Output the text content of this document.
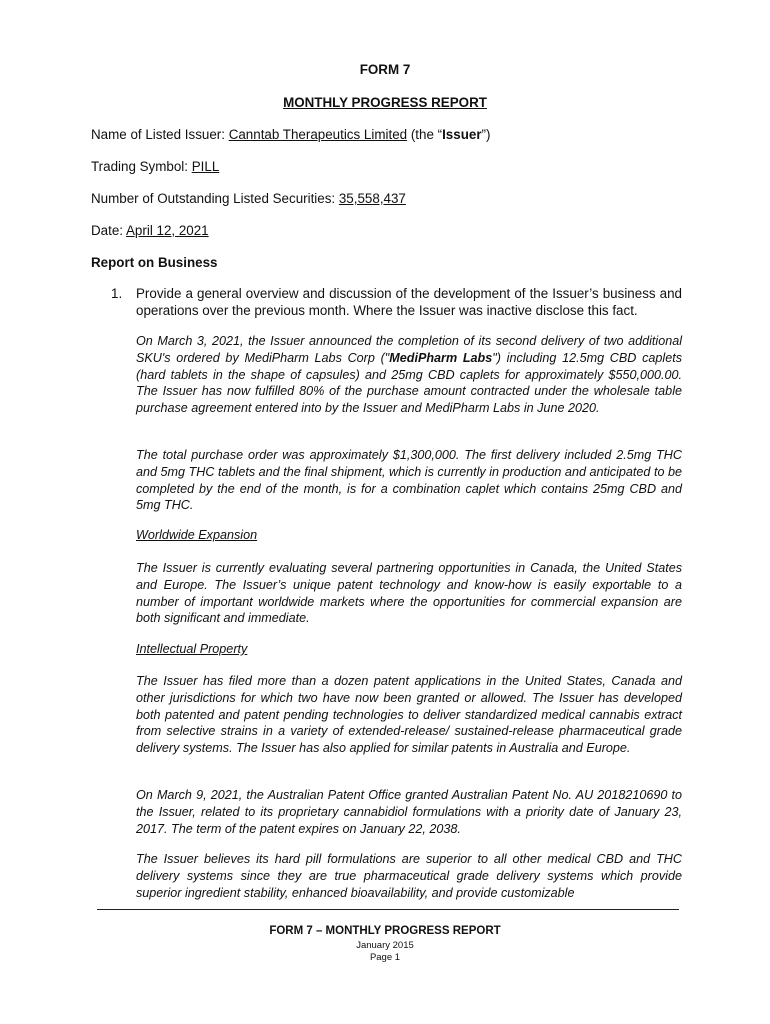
FORM 7
MONTHLY PROGRESS REPORT
Name of Listed Issuer: Canntab Therapeutics Limited (the “Issuer”)
Trading Symbol: PILL
Number of Outstanding Listed Securities: 35,558,437
Date: April 12, 2021
Report on Business
1. Provide a general overview and discussion of the development of the Issuer’s business and operations over the previous month. Where the Issuer was inactive disclose this fact.
On March 3, 2021, the Issuer announced the completion of its second delivery of two additional SKU's ordered by MediPharm Labs Corp ("MediPharm Labs") including 12.5mg CBD caplets (hard tablets in the shape of capsules) and 25mg CBD caplets for approximately $550,000.00. The Issuer has now fulfilled 80% of the purchase amount contracted under the wholesale table purchase agreement entered into by the Issuer and MediPharm Labs in June 2020.
The total purchase order was approximately $1,300,000. The first delivery included 2.5mg THC and 5mg THC tablets and the final shipment, which is currently in production and anticipated to be completed by the end of the month, is for a combination caplet which contains 25mg CBD and 5mg THC.
Worldwide Expansion
The Issuer is currently evaluating several partnering opportunities in Canada, the United States and Europe. The Issuer’s unique patent technology and know-how is easily exportable to a number of important worldwide markets where the opportunities for commercial expansion are both significant and immediate.
Intellectual Property
The Issuer has filed more than a dozen patent applications in the United States, Canada and other jurisdictions for which two have now been granted or allowed. The Issuer has developed both patented and patent pending technologies to deliver standardized medical cannabis extract from selective strains in a variety of extended-release/ sustained-release pharmaceutical grade delivery systems. The Issuer has also applied for similar patents in Australia and Europe.
On March 9, 2021, the Australian Patent Office granted Australian Patent No. AU 2018210690 to the Issuer, related to its proprietary cannabidiol formulations with a priority date of January 23, 2017. The term of the patent expires on January 22, 2038.
The Issuer believes its hard pill formulations are superior to all other medical CBD and THC delivery systems since they are true pharmaceutical grade delivery systems which provide superior ingredient stability, enhanced bioavailability, and provide customizable
FORM 7 – MONTHLY PROGRESS REPORT
January 2015
Page 1
